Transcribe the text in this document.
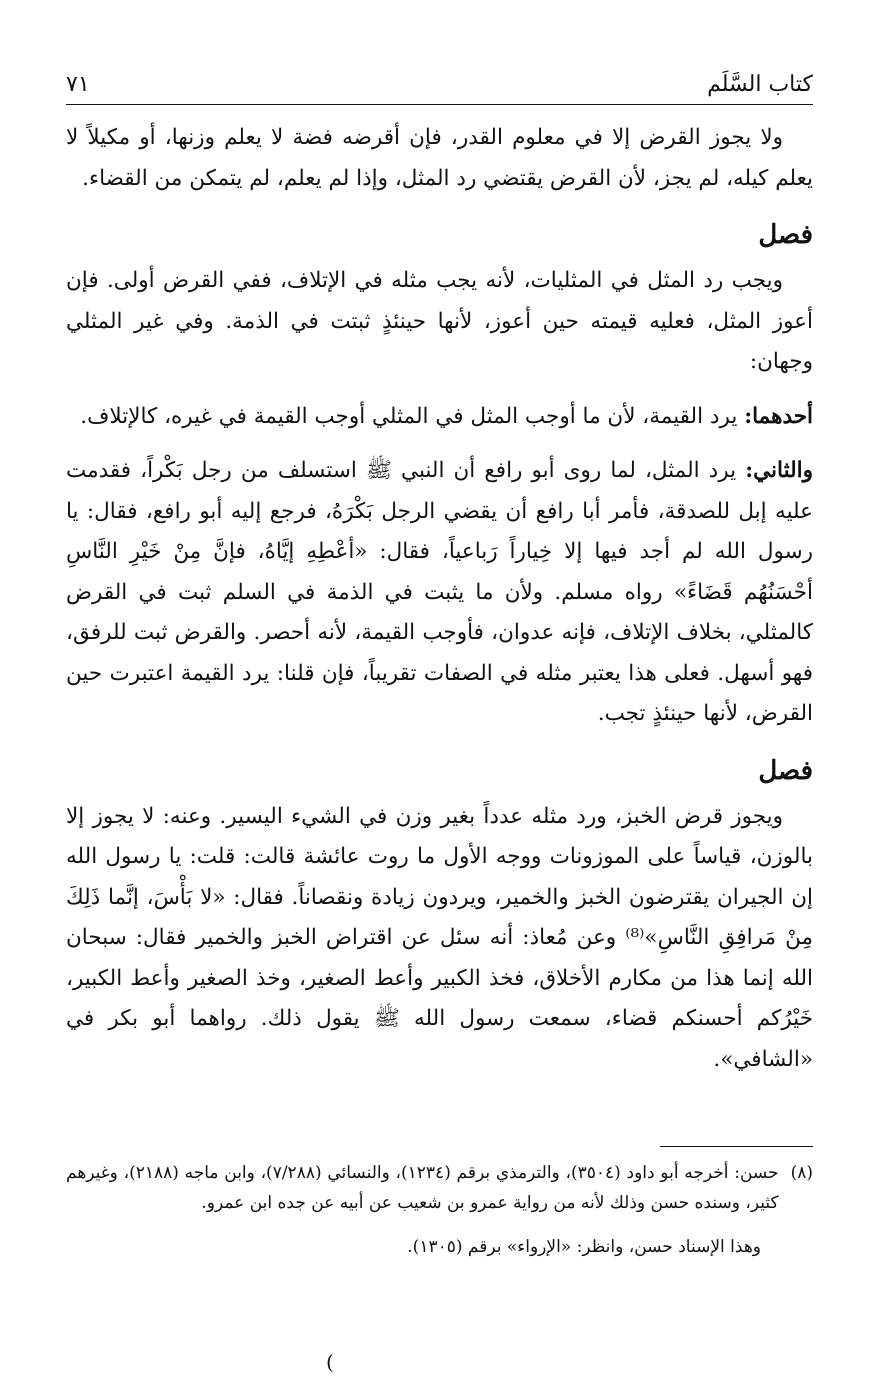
كتاب السَّلَم
٧١

ولا يجوز القرض إلا في معلوم القدر، فإن أقرضه فضة لا يعلم وزنها، أو مكيلاً لا يعلم كيله، لم يجز، لأن القرض يقتضي رد المثل، وإذا لم يعلم، لم يتمكن من القضاء.

فصل

ويجب رد المثل في المثليات، لأنه يجب مثله في الإتلاف، ففي القرض أولى. فإن أعوز المثل، فعليه قيمته حين أعوز، لأنها حينئذٍ ثبتت في الذمة. وفي غير المثلي وجهان:

أحدهما: يرد القيمة، لأن ما أوجب المثل في المثلي أوجب القيمة في غيره، كالإتلاف.

والثاني: يرد المثل، لما روى أبو رافع أن النبي ﷺ استسلف من رجل بَكْراً، فقدمت عليه إبل للصدقة، فأمر أبا رافع أن يقضي الرجل بَكْرَهُ، فرجع إليه أبو رافع، فقال: يا رسول الله لم أجد فيها إلا خِياراً رَباعياً، فقال: «أعْطِهِ إيَّاهُ، فإنَّ مِنْ خَيْرِ النَّاسِ أحْسَنُهُم قَضَاءً» رواه مسلم. ولأن ما يثبت في الذمة في السلم ثبت في القرض كالمثلي، بخلاف الإتلاف، فإنه عدوان، فأوجب القيمة، لأنه أحصر. والقرض ثبت للرفق، فهو أسهل. فعلى هذا يعتبر مثله في الصفات تقريباً، فإن قلنا: يرد القيمة اعتبرت حين القرض، لأنها حينئذٍ تجب.

فصل

ويجوز قرض الخبز، ورد مثله عدداً بغير وزن في الشيء اليسير. وعنه: لا يجوز إلا بالوزن، قياساً على الموزونات ووجه الأول ما روت عائشة قالت: قلت: يا رسول الله إن الجيران يقترضون الخبز والخمير، ويردون زيادة ونقصاناً. فقال: «لا بَأْسَ، إنَّما ذَلِكَ مِنْ مَرافِقِ النَّاسِ»⁽⁸⁾ وعن مُعاذ: أنه سئل عن اقتراض الخبز والخمير فقال: سبحان الله إنما هذا من مكارم الأخلاق، فخذ الكبير وأعط الصغير، وخذ الصغير وأعط الكبير، خَيْرُكم أحسنكم قضاء، سمعت رسول الله ﷺ يقول ذلك. رواهما أبو بكر في «الشافي».

(٨)
حسن: أخرجه أبو داود (٣٥٠٤)، والترمذي برقم (١٢٣٤)، والنسائي (٧/٢٨٨)، وابن ماجه (٢١٨٨)، وغيرهم كثير، وسنده حسن وذلك لأنه من رواية عمرو بن شعيب عن أبيه عن جده ابن عمرو.
وهذا الإسناد حسن، وانظر: «الإرواء» برقم (١٣٠٥).
(
